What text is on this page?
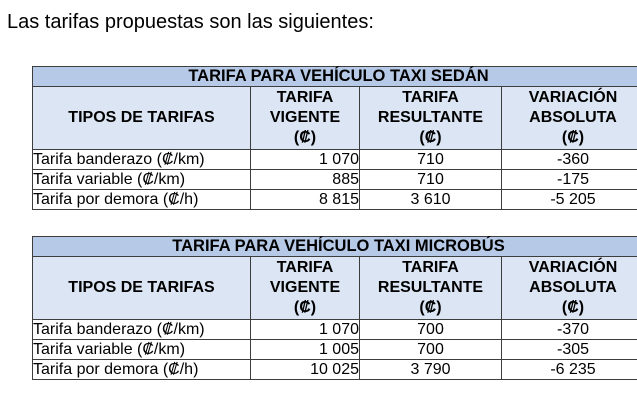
Las tarifas propuestas son las siguientes:
TARIFA PARA VEHÍCULO TAXI SEDÁN			
TIPOS DE TARIFAS	TARIFA
VIGENTE
(₡)	TARIFA
RESULTANTE
(₡)	VARIACIÓN
ABSOLUTA
(₡)
Tarifa banderazo (₡/km)	1 070	710	-360
Tarifa variable (₡/km)	885	710	-175
Tarifa por demora (₡/h)	8 815	3 610	-5 205
TARIFA PARA VEHÍCULO TAXI MICROBÚS			
TIPOS DE TARIFAS	TARIFA
VIGENTE
(₡)	TARIFA
RESULTANTE
(₡)	VARIACIÓN
ABSOLUTA
(₡)
Tarifa banderazo (₡/km)	1 070	700	-370
Tarifa variable (₡/km)	1 005	700	-305
Tarifa por demora (₡/h)	10 025	3 790	-6 235
